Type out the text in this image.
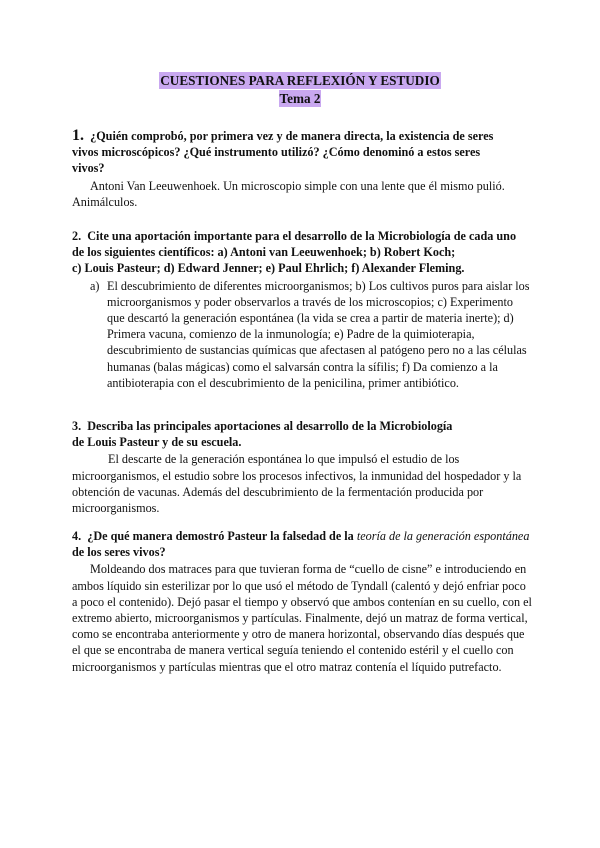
CUESTIONES PARA REFLEXIÓN Y ESTUDIO
Tema 2

1. ¿Quién comprobó, por primera vez y de manera directa, la existencia de seres
vivos microscópicos? ¿Qué instrumento utilizó? ¿Cómo denominó a estos seres
vivos?

Antoni Van Leeuwenhoek. Un microscopio simple con una lente que él mismo pulió. Animálculos.

2. Cite una aportación importante para el desarrollo de la Microbiología de cada uno
de los siguientes científicos: a) Antoni van Leeuwenhoek; b) Robert Koch;
c) Louis Pasteur; d) Edward Jenner; e) Paul Ehrlich; f) Alexander Fleming.

a) El descubrimiento de diferentes microorganismos; b) Los cultivos puros para aislar los microorganismos y poder observarlos a través de los microscopios; c) Experimento que descartó la generación espontánea (la vida se crea a partir de materia inerte); d) Primera vacuna, comienzo de la inmunología; e) Padre de la quimioterapia, descubrimiento de sustancias químicas que afectasen al patógeno pero no a las células humanas (balas mágicas) como el salvarsán contra la sífilis; f) Da comienzo a la antibioterapia con el descubrimiento de la penicilina, primer antibiótico.

3. Describa las principales aportaciones al desarrollo de la Microbiología
de Louis Pasteur y de su escuela.

El descarte de la generación espontánea lo que impulsó el estudio de los microorganismos, el estudio sobre los procesos infectivos, la inmunidad del hospedador y la obtención de vacunas. Además del descubrimiento de la fermentación producida por microorganismos.

4. ¿De qué manera demostró Pasteur la falsedad de la teoría de la generación espontánea de los seres vivos?

Moldeando dos matraces para que tuvieran forma de “cuello de cisne” e introduciendo en ambos líquido sin esterilizar por lo que usó el método de Tyndall (calentó y dejó enfriar poco a poco el contenido). Dejó pasar el tiempo y observó que ambos contenían en su cuello, con el extremo abierto, microorganismos y partículas. Finalmente, dejó un matraz de forma vertical, como se encontraba anteriormente y otro de manera horizontal, observando días después que el que se encontraba de manera vertical seguía teniendo el contenido estéril y el cuello con microorganismos y partículas mientras que el otro matraz contenía el líquido putrefacto.
